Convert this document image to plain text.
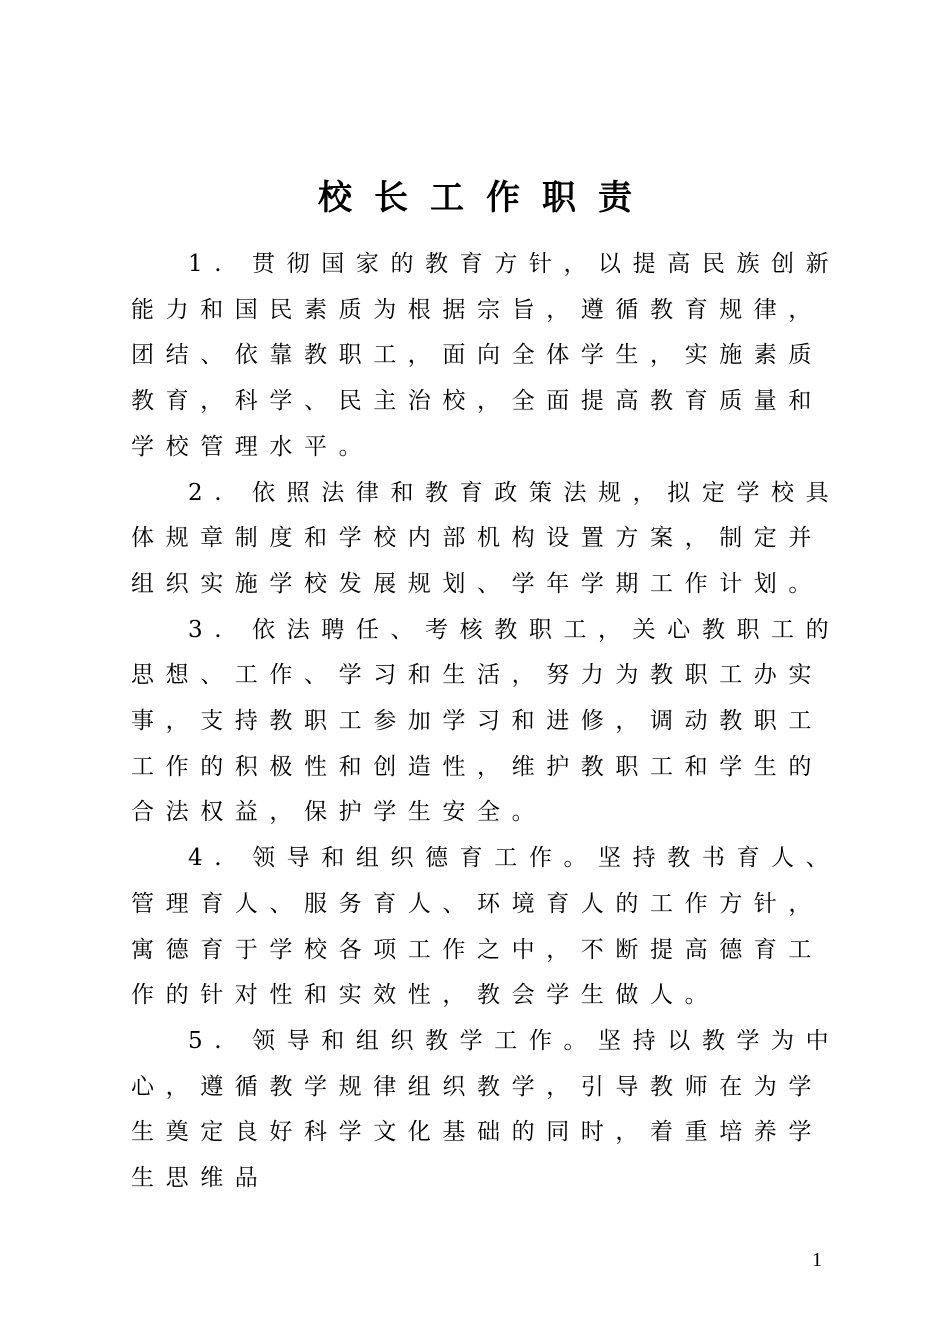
校长工作职责

1. 贯彻国家的教育方针，以提高民族创新能力和国民素质为根据宗旨，遵循教育规律，团结、依靠教职工，面向全体学生，实施素质教育，科学、民主治校，全面提高教育质量和学校管理水平。

2. 依照法律和教育政策法规，拟定学校具体规章制度和学校内部机构设置方案，制定并组织实施学校发展规划、学年学期工作计划。

3. 依法聘任、考核教职工，关心教职工的思想、工作、学习和生活，努力为教职工办实事，支持教职工参加学习和进修，调动教职工工作的积极性和创造性，维护教职工和学生的合法权益，保护学生安全。

4. 领导和组织德育工作。坚持教书育人、管理育人、服务育人、环境育人的工作方针，寓德育于学校各项工作之中，不断提高德育工作的针对性和实效性，教会学生做人。

5. 领导和组织教学工作。坚持以教学为中心，遵循教学规律组织教学，引导教师在为学生奠定良好科学文化基础的同时，着重培养学生思维品

1
